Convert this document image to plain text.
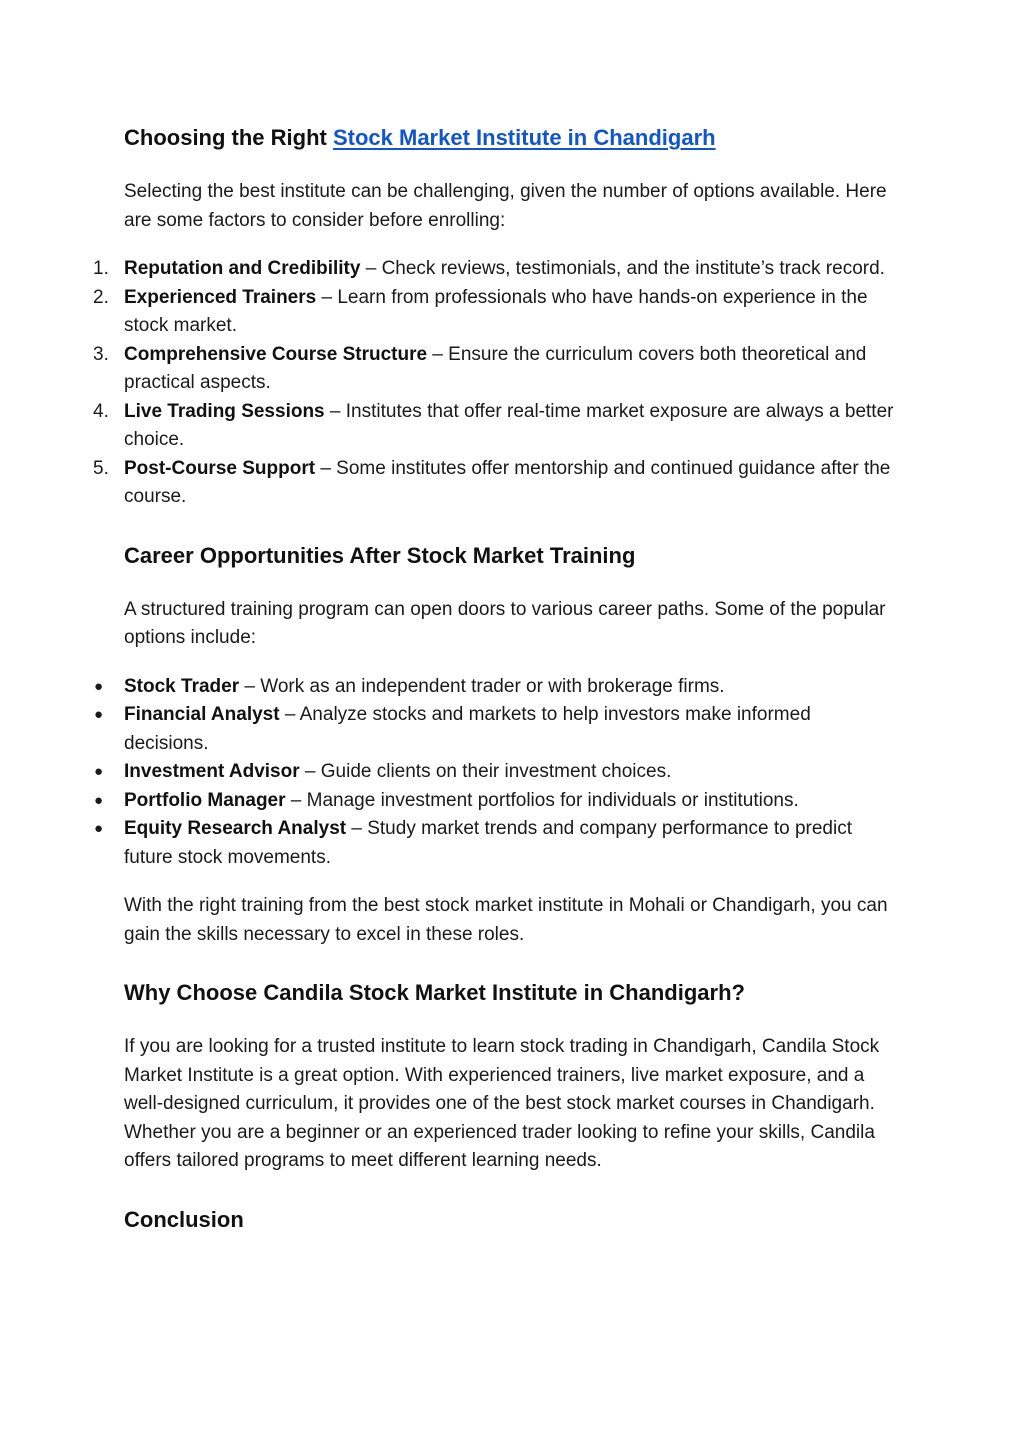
Choosing the Right Stock Market Institute in Chandigarh

Selecting the best institute can be challenging, given the number of options available. Here are some factors to consider before enrolling:

Reputation and Credibility – Check reviews, testimonials, and the institute’s track record.
Experienced Trainers – Learn from professionals who have hands-on experience in the stock market.
Comprehensive Course Structure – Ensure the curriculum covers both theoretical and practical aspects.
Live Trading Sessions – Institutes that offer real-time market exposure are always a better choice.
Post-Course Support – Some institutes offer mentorship and continued guidance after the course.
Career Opportunities After Stock Market Training

A structured training program can open doors to various career paths. Some of the popular options include:

● Stock Trader – Work as an independent trader or with brokerage firms.
● Financial Analyst – Analyze stocks and markets to help investors make informed decisions.
● Investment Advisor – Guide clients on their investment choices.
● Portfolio Manager – Manage investment portfolios for individuals or institutions.
● Equity Research Analyst – Study market trends and company performance to predict future stock movements.

With the right training from the best stock market institute in Mohali or Chandigarh, you can gain the skills necessary to excel in these roles.

Why Choose Candila Stock Market Institute in Chandigarh?

If you are looking for a trusted institute to learn stock trading in Chandigarh, Candila Stock Market Institute is a great option. With experienced trainers, live market exposure, and a well-designed curriculum, it provides one of the best stock market courses in Chandigarh. Whether you are a beginner or an experienced trader looking to refine your skills, Candila offers tailored programs to meet different learning needs.

Conclusion
